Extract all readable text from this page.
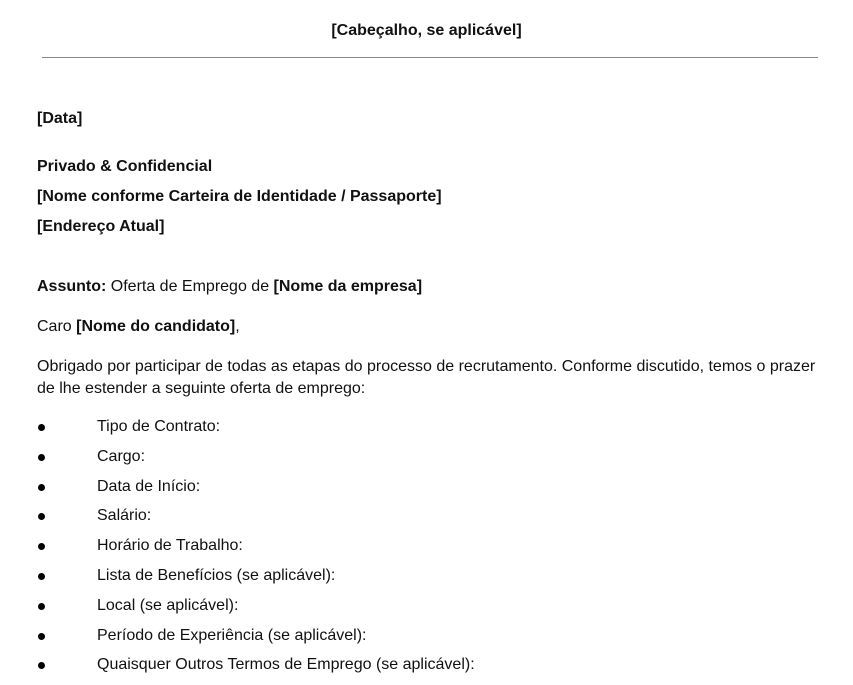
[Cabeçalho, se aplicável]
[Data]
Privado & Confidencial
[Nome conforme Carteira de Identidade / Passaporte]
[Endereço Atual]
Assunto: Oferta de Emprego de [Nome da empresa]
Caro [Nome do candidato],
Obrigado por participar de todas as etapas do processo de recrutamento. Conforme discutido, temos o prazer de lhe estender a seguinte oferta de emprego:
Tipo de Contrato:
Cargo:
Data de Início:
Salário:
Horário de Trabalho:
Lista de Benefícios (se aplicável):
Local (se aplicável):
Período de Experiência (se aplicável):
Quaisquer Outros Termos de Emprego (se aplicável):
